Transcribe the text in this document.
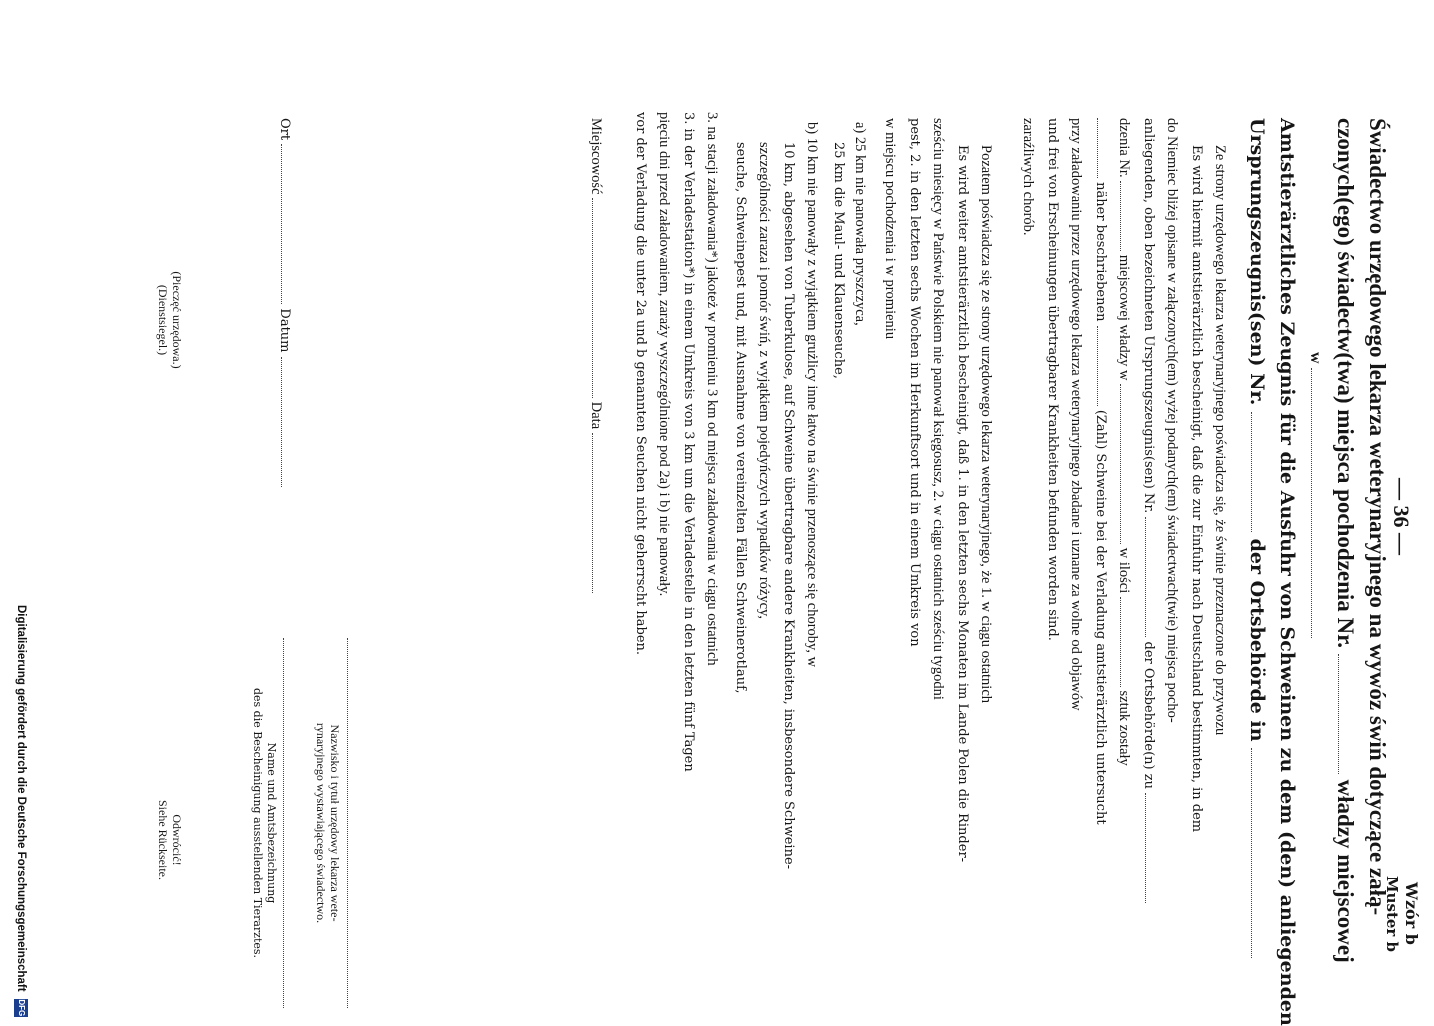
— 36 —
Wzór b
Muster b
Świadectwo urzędowego lekarza weterynaryjnego na wywóz świń dotyczące załą-
czonych(ego) świadectw(twa) miejsca pochodzenia Nr.  władzy miejscowej
w
Amtstierärztliches Zeugnis für die Ausfuhr von Schweinen zu dem (den) anliegenden
Ursprungszeugnis(sen) Nr.  der Ortsbehörde in
Ze strony urzędowego lekarza weterynaryjnego poświadcza się, że świnie przeznaczone do przywozu
Es wird hiermit amtstierärztlich bescheinigt, daß die zur Einfuhr nach Deutschland bestimmten, in dem
do Niemiec bliżej opisane w załączonych(em) wyżej podanych(em) świadectwach(twie) miejsca pocho-
anliegenden, oben bezeichneten Ursprungszeugnis(sen) Nr.  der Ortsbehörde(n) zu
dzenia Nr.  miejscowej władzy w  w ilości  sztuk zostały
näher beschriebenen  (Zahl) Schweine bei der Verladung amtstierärztlich untersucht
przy załadowaniu przez urzędowego lekarza weterynaryjnego zbadane i uznane za wolne od objawów
und frei von Erscheinungen übertragbarer Krankheiten befunden worden sind.
zaraźliwych chorób.
Pozatem poświadcza się ze strony urzędowego lekarza weterynaryjnego, że 1. w ciągu ostatnich
Es wird weiter amtstierärztlich bescheinigt, daß 1. in den letzten sechs Monaten im Lande Polen die Rinder-
sześciu miesięcy w Państwie Polskiem nie panował księgosusz, 2. w ciągu ostatnich sześciu tygodni
pest, 2. in den letzten sechs Wochen im Herkunftsort und in einem Umkreis von
w miejscu pochodzenia i w promieniu
a) 25 km nie panowała pryszczyca,
25 km die Maul- und Klauenseuche,
b) 10 km nie panowały z wyjątkiem grużlicy inne łatwo na świnie przenoszące się choroby, w
10 km, abgesehen von Tuberkulose, auf Schweine übertragbare andere Krankheiten, insbesondere Schweine-
szczególności zaraza i pomór świń, z wyjątkiem pojedyńczych wypadków różycy,
seuche, Schweinepest und, mit Ausnahme von vereinzelten Fällen Schweinerotlauf,
3. na stacji załadowania*) jakoteż w promieniu 3 km od miejsca załadowania w ciągu ostatnich
3. in der Verladestation*) in einem Umkreis von 3 km um die Verladestelle in den letzten fünf Tagen
pięciu dni przed załadowaniem, zaraży wyszczególnione pod 2a) i b) nie panowały.
vor der Verladung die unter 2a und b genannten Seuchen nicht geherrscht haben.
Miejscowość  Data
Ort  Datum
Nazwisko i tytuł urzędowy lekarza wete-
rynaryjnego wystawiającego świadectwo.
Name und Amtsbezeichnung
des die Bescheinigung ausstellenden Tierarztes.
(Pieczęć urzędowa.)
(Dienstsiegel.)
Odwrócić!
Siehe Rückseite.
Digitalisierung gefördert durch die Deutsche Forschungsgemeinschaft DFG
